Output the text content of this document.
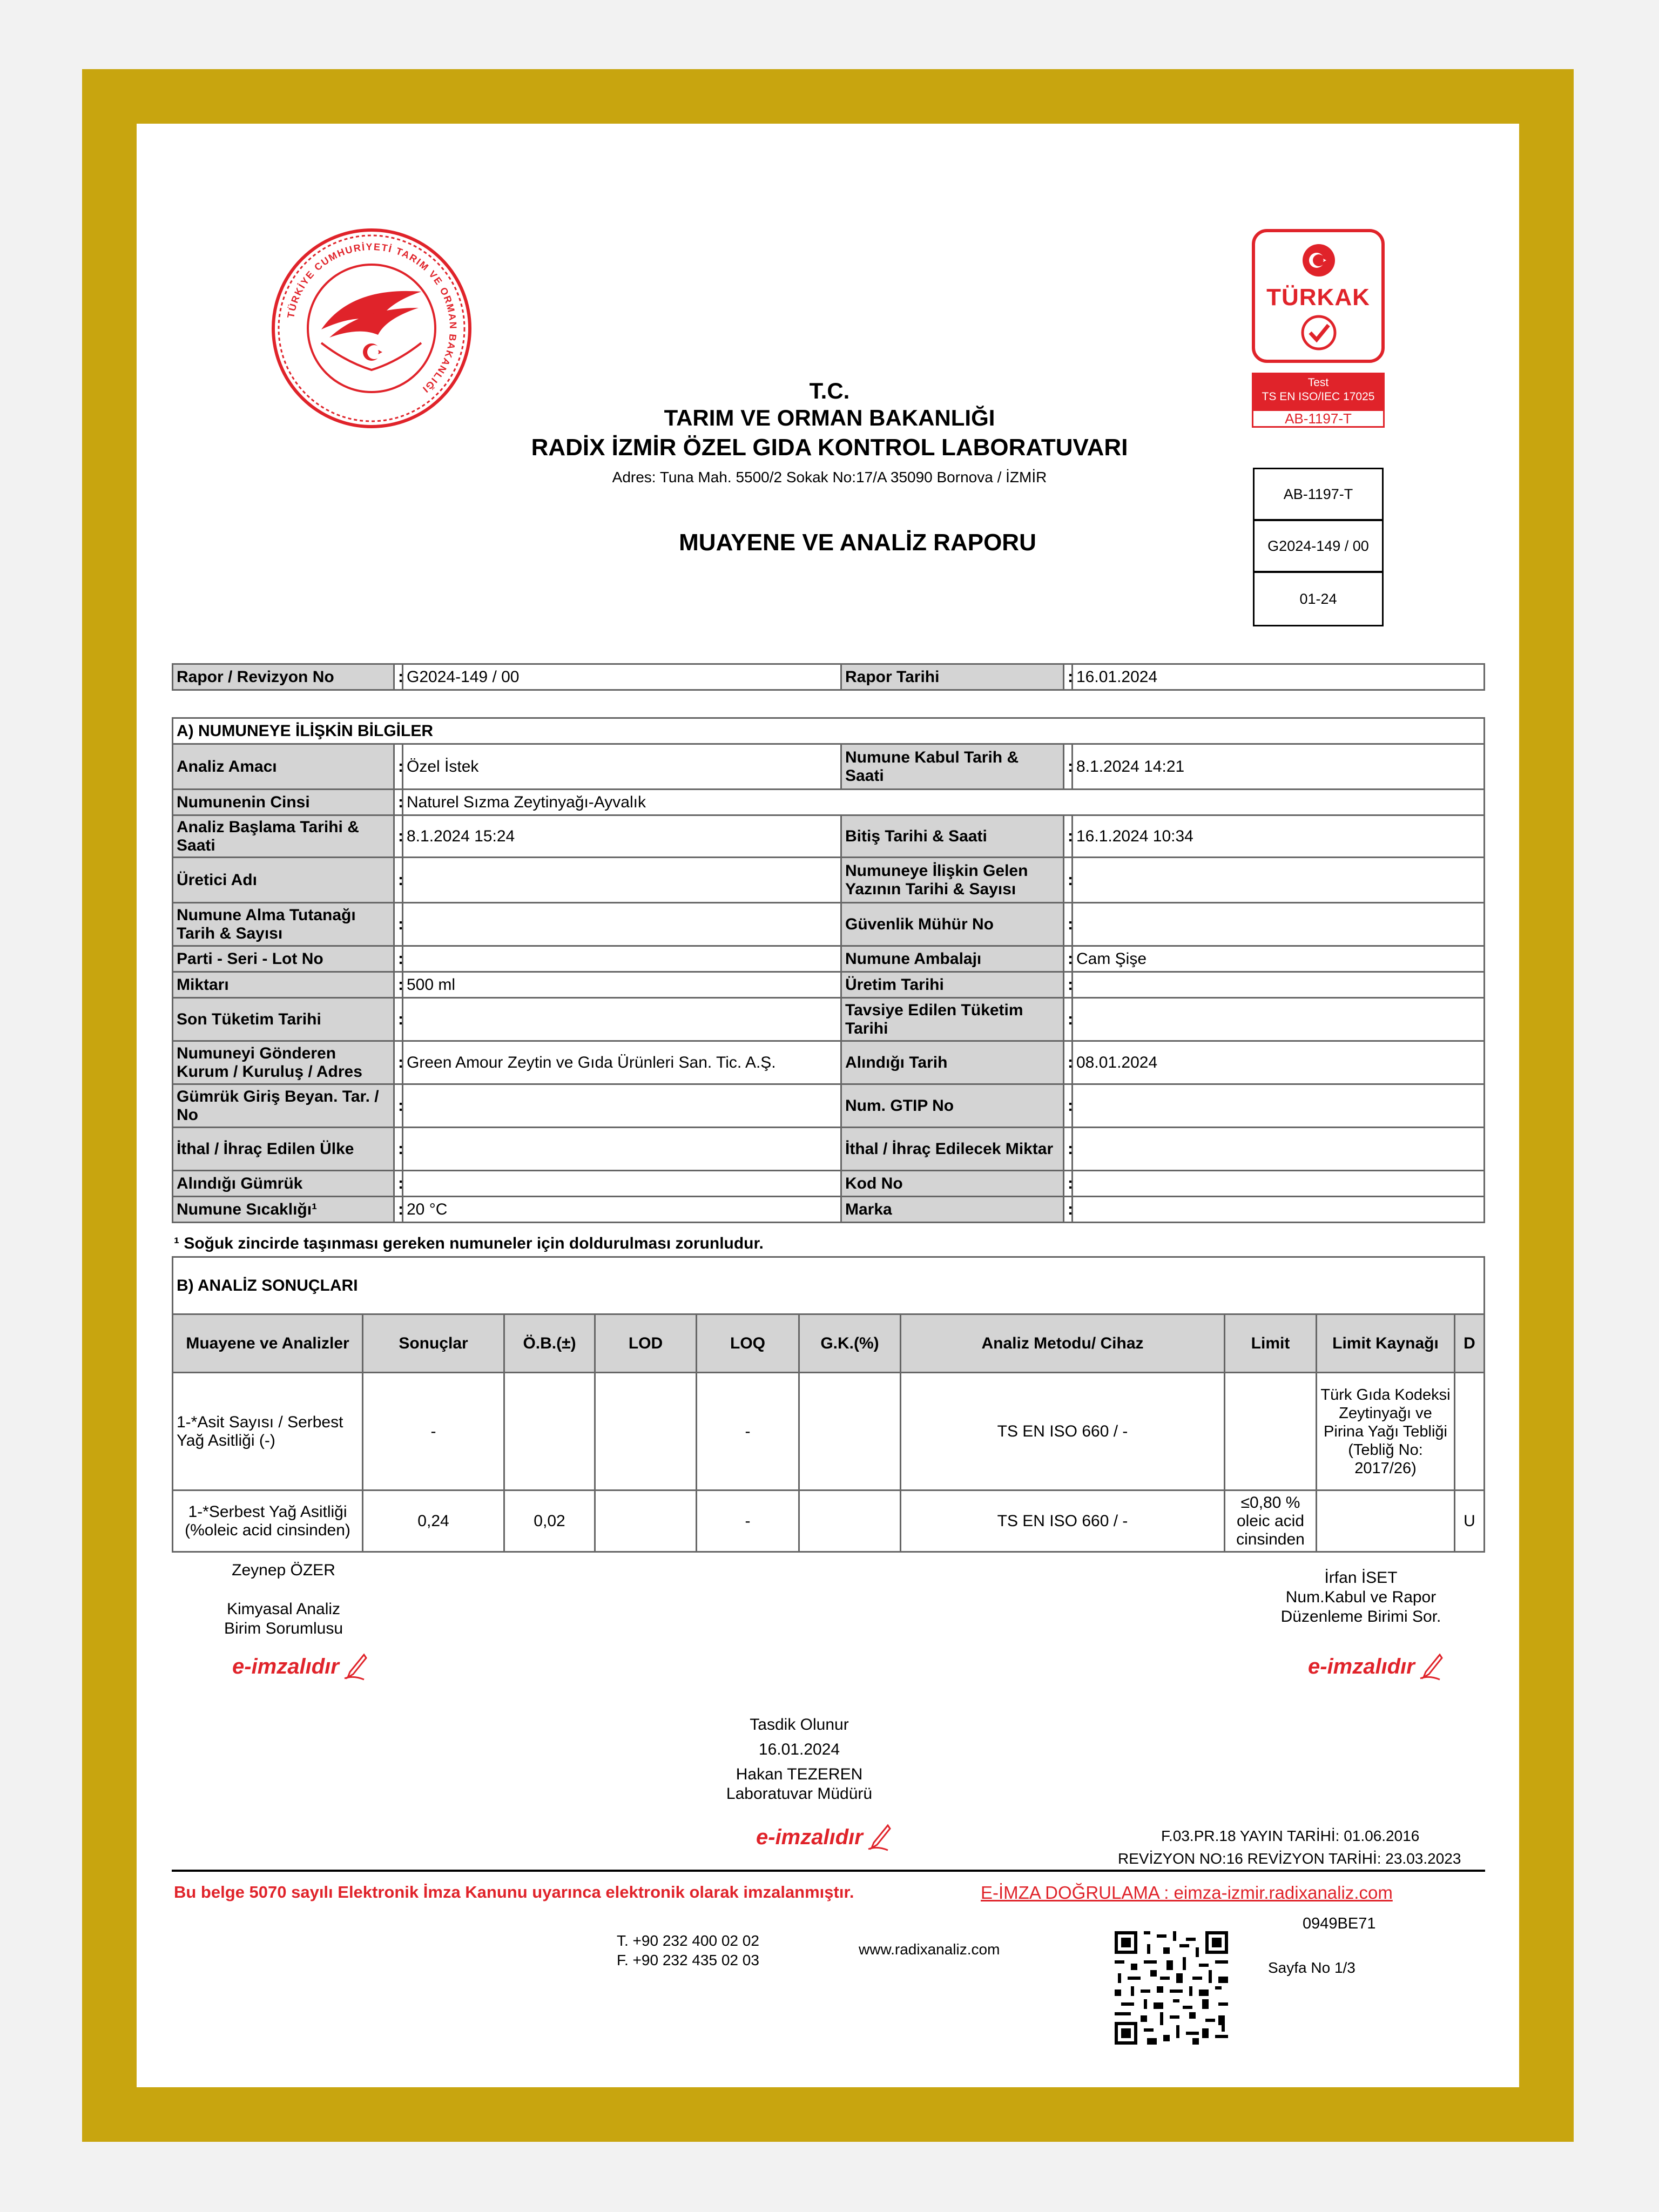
TÜRKİYE CUMHURİYETİ TARIM VE ORMAN BAKANLIĞI
TÜRKAK
Test
TS EN ISO/IEC 17025
AB-1197-T
T.C.
TARIM VE ORMAN BAKANLIĞI
RADİX İZMİR ÖZEL GIDA KONTROL LABORATUVARI
Adres: Tuna Mah. 5500/2 Sokak No:17/A 35090 Bornova / İZMİR
MUAYENE VE ANALİZ RAPORU
AB-1197-T
G2024-149 / 00
01-24
Rapor / Revizyon No	:	G2024-149 / 00	Rapor Tarihi	:	16.01.2024
A) NUMUNEYE İLİŞKİN BİLGİLER					
Analiz Amacı	:	Özel İstek	Numune Kabul Tarih & Saati	:	8.1.2024 14:21
Numunenin Cinsi	:	Naturel Sızma Zeytinyağı-Ayvalık			
Analiz Başlama Tarihi & Saati	:	8.1.2024 15:24	Bitiş Tarihi & Saati	:	16.1.2024 10:34
Üretici Adı	:		Numuneye İlişkin Gelen Yazının Tarihi & Sayısı	:	
Numune Alma Tutanağı Tarih & Sayısı	:		Güvenlik Mühür No	:	
Parti - Seri - Lot No	:		Numune Ambalajı	:	Cam Şişe
Miktarı	:	500 ml	Üretim Tarihi	:	
Son Tüketim Tarihi	:		Tavsiye Edilen Tüketim Tarihi	:	
Numuneyi Gönderen Kurum / Kuruluş / Adres	:	Green Amour Zeytin ve Gıda Ürünleri San. Tic. A.Ş.	Alındığı Tarih	:	08.01.2024
Gümrük Giriş Beyan. Tar. / No	:		Num. GTIP No	:	
İthal / İhraç Edilen Ülke	:		İthal / İhraç Edilecek Miktar	:	
Alındığı Gümrük	:		Kod No	:	
Numune Sıcaklığı¹	:	20 °C	Marka	:	
¹ Soğuk zincirde taşınması gereken numuneler için doldurulması zorunludur.
B) ANALİZ SONUÇLARI									
Muayene ve Analizler	Sonuçlar	Ö.B.(±)	LOD	LOQ	G.K.(%)	Analiz Metodu/ Cihaz	Limit	Limit Kaynağı	D
1-*Asit Sayısı / Serbest Yağ Asitliği (-)	-			-		TS EN ISO 660 / -		Türk Gıda Kodeksi Zeytinyağı ve Pirina Yağı Tebliği (Tebliğ No: 2017/26)	
1-*Serbest Yağ Asitliği (%oleic acid cinsinden)	0,24	0,02		-		TS EN ISO 660 / -	≤0,80 % oleic acid cinsinden		U
Zeynep ÖZER
Kimyasal Analiz
Birim Sorumlusu
e-imzalıdır
İrfan İSET
Num.Kabul ve Rapor
Düzenleme Birimi Sor.
e-imzalıdır
Tasdik Olunur
16.01.2024
Hakan TEZEREN
Laboratuvar Müdürü
e-imzalıdır	F.03.PR.18 YAYIN TARİHİ: 01.06.2016
REVİZYON NO:16 REVİZYON TARİHİ: 23.03.2023
Bu belge 5070 sayılı Elektronik İmza Kanunu uyarınca elektronik olarak imzalanmıştır.	E-İMZA DOĞRULAMA : eimza-izmir.radixanaliz.com
0949BE71
T. +90 232 400 02 02
F. +90 232 435 02 03
www.radixanaliz.com
Sayfa No 1/3
